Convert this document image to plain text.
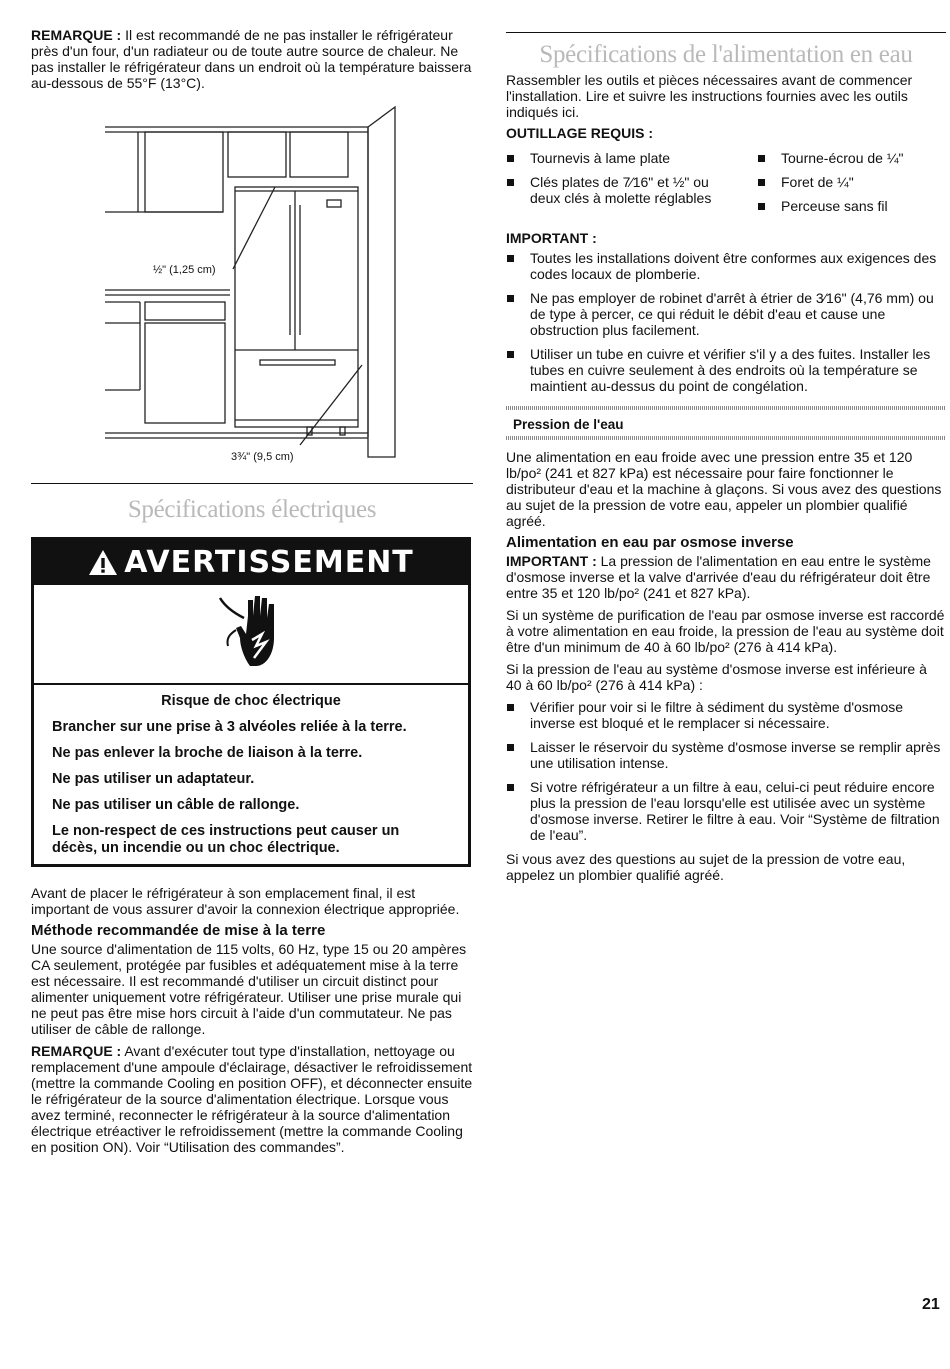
REMARQUE : Il est recommandé de ne pas installer le réfrigérateur près d'un four, d'un radiateur ou de toute autre source de chaleur. Ne pas installer le réfrigérateur dans un endroit où la température baissera au-dessous de 55°F (13°C).

½" (1,25 cm)
3¾" (9,5 cm)
Spécifications électriques
AVERTISSEMENT

Risque de choc électrique

Brancher sur une prise à 3 alvéoles reliée à la terre.

Ne pas enlever la broche de liaison à la terre.

Ne pas utiliser un adaptateur.

Ne pas utiliser un câble de rallonge.

Le non-respect de ces instructions peut causer un décès, un incendie ou un choc électrique.

Avant de placer le réfrigérateur à son emplacement final, il est important de vous assurer d'avoir la connexion électrique appropriée.

Méthode recommandée de mise à la terre

Une source d'alimentation de 115 volts, 60 Hz, type 15 ou 20 ampères CA seulement, protégée par fusibles et adéquatement mise à la terre est nécessaire. Il est recommandé d'utiliser un circuit distinct pour alimenter uniquement votre réfrigérateur. Utiliser une prise murale qui ne peut pas être mise hors circuit à l'aide d'un commutateur. Ne pas utiliser de câble de rallonge.

REMARQUE : Avant d'exécuter tout type d'installation, nettoyage ou remplacement d'une ampoule d'éclairage, désactiver le refroidissement (mettre la commande Cooling en position OFF), et déconnecter ensuite le réfrigérateur de la source d'alimentation électrique. Lorsque vous avez terminé, reconnecter le réfrigérateur à la source d'alimentation électrique etréactiver le refroidissement (mettre la commande Cooling en position ON). Voir “Utilisation des commandes”.

Spécifications de l'alimentation en eau

Rassembler les outils et pièces nécessaires avant de commencer l'installation. Lire et suivre les instructions fournies avec les outils indiqués ici.

OUTILLAGE REQUIS :

Tournevis à lame plate
Clés plates de 7⁄16" et ½" ou deux clés à molette réglables
Tourne-écrou de ¼"
Foret de ¼"
Perceuse sans fil

IMPORTANT :

Toutes les installations doivent être conformes aux exigences des codes locaux de plomberie.
Ne pas employer de robinet d'arrêt à étrier de 3⁄16" (4,76 mm) ou de type à percer, ce qui réduit le débit d'eau et cause une obstruction plus facilement.
Utiliser un tube en cuivre et vérifier s'il y a des fuites. Installer les tubes en cuivre seulement à des endroits où la température se maintient au-dessus du point de congélation.
Pression de l'eau

Une alimentation en eau froide avec une pression entre 35 et 120 lb/po² (241 et 827 kPa) est nécessaire pour faire fonctionner le distributeur d'eau et la machine à glaçons. Si vous avez des questions au sujet de la pression de votre eau, appeler un plombier qualifié agréé.

Alimentation en eau par osmose inverse

IMPORTANT : La pression de l'alimentation en eau entre le système d'osmose inverse et la valve d'arrivée d'eau du réfrigérateur doit être entre 35 et 120 lb/po² (241 et 827 kPa).

Si un système de purification de l'eau par osmose inverse est raccordé à votre alimentation en eau froide, la pression de l'eau au système doit être d'un minimum de 40 à 60 lb/po² (276 à 414 kPa).

Si la pression de l'eau au système d'osmose inverse est inférieure à 40 à 60 lb/po² (276 à 414 kPa) :

Vérifier pour voir si le filtre à sédiment du système d'osmose inverse est bloqué et le remplacer si nécessaire.
Laisser le réservoir du système d'osmose inverse se remplir après une utilisation intense.
Si votre réfrigérateur a un filtre à eau, celui-ci peut réduire encore plus la pression de l'eau lorsqu'elle est utilisée avec un système d'osmose inverse. Retirer le filtre à eau. Voir “Système de filtration de l'eau”.

Si vous avez des questions au sujet de la pression de votre eau, appelez un plombier qualifié agréé.

21
